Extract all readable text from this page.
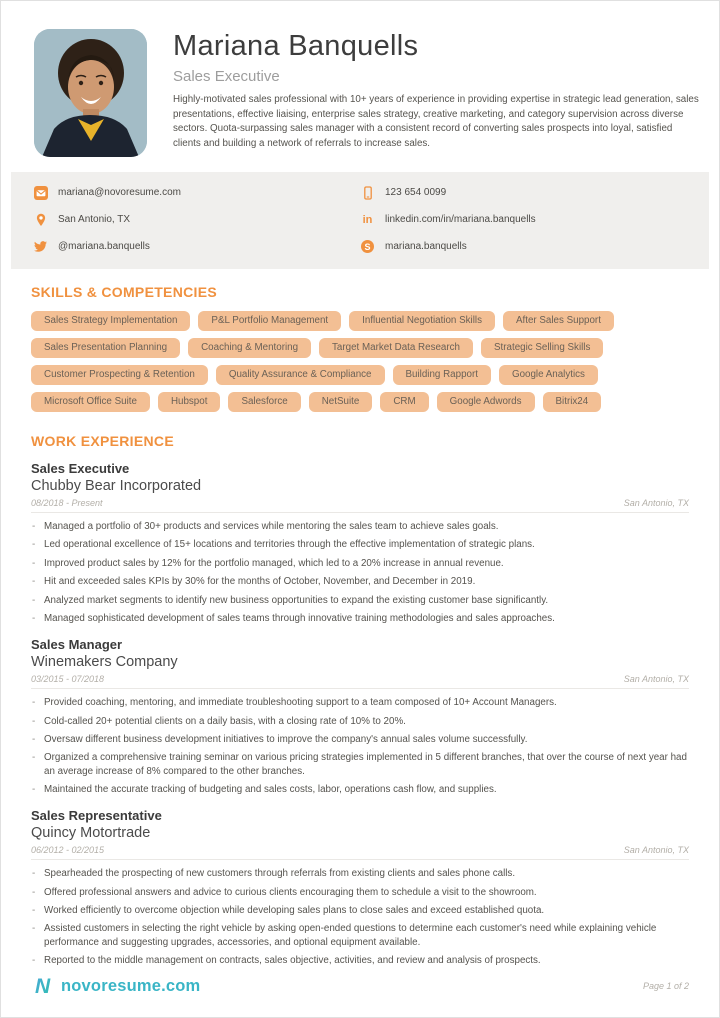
Mariana Banquells
Sales Executive
Highly-motivated sales professional with 10+ years of experience in providing expertise in strategic lead generation, sales presentations, effective liaising, enterprise sales strategy, creative marketing, and category supervision across diverse sectors. Quota-surpassing sales manager with a consistent record of converting sales prospects into loyal, satisfied clients and building a network of referrals to increase sales.
mariana@novoresume.com	123 654 0099
San Antonio, TX	in linkedin.com/in/mariana.banquells
@mariana.banquells	S	mariana.banquells
SKILLS & COMPETENCIES
Sales Strategy Implementation	P&L Portfolio Management	Influential Negotiation Skills	After Sales Support
Sales Presentation Planning	Coaching & Mentoring	Target Market Data Research	Strategic Selling Skills
Customer Prospecting & Retention	Quality Assurance & Compliance	Building Rapport	Google Analytics
Microsoft Office Suite	Hubspot	Salesforce	NetSuite	CRM	Google Adwords	Bitrix24
WORK EXPERIENCE
Sales Executive
Chubby Bear Incorporated
08/2018 - Present	San Antonio, TX
- Managed a portfolio of 30+ products and services while mentoring the sales team to achieve sales goals.
- Led operational excellence of 15+ locations and territories through the effective implementation of strategic plans.
- Improved product sales by 12% for the portfolio managed, which led to a 20% increase in annual revenue.
- Hit and exceeded sales KPIs by 30% for the months of October, November, and December in 2019.
- Analyzed market segments to identify new business opportunities to expand the existing customer base significantly.
- Managed sophisticated development of sales teams through innovative training methodologies and sales approaches.
Sales Manager
Winemakers Company
03/2015 - 07/2018	San Antonio, TX
- Provided coaching, mentoring, and immediate troubleshooting support to a team composed of 10+ Account Managers.
- Cold-called 20+ potential clients on a daily basis, with a closing rate of 10% to 20%.
- Oversaw different business development initiatives to improve the company's annual sales volume successfully.
- Organized a comprehensive training seminar on various pricing strategies implemented in 5 different branches, that over the course of next year had an average increase of 8% compared to the other branches.
- Maintained the accurate tracking of budgeting and sales costs, labor, operations cash flow, and supplies.
Sales Representative
Quincy Motortrade
06/2012 - 02/2015	San Antonio, TX
- Spearheaded the prospecting of new customers through referrals from existing clients and sales phone calls.
- Offered professional answers and advice to curious clients encouraging them to schedule a visit to the showroom.
- Worked efficiently to overcome objection while developing sales plans to close sales and exceed established quota.
- Assisted customers in selecting the right vehicle by asking open-ended questions to determine each customer's need while explaining vehicle performance and suggesting upgrades, accessories, and optional equipment available.
- Reported to the middle management on contracts, sales objective, activities, and review and analysis of prospects.
N novoresume.com	Page 1 of 2
